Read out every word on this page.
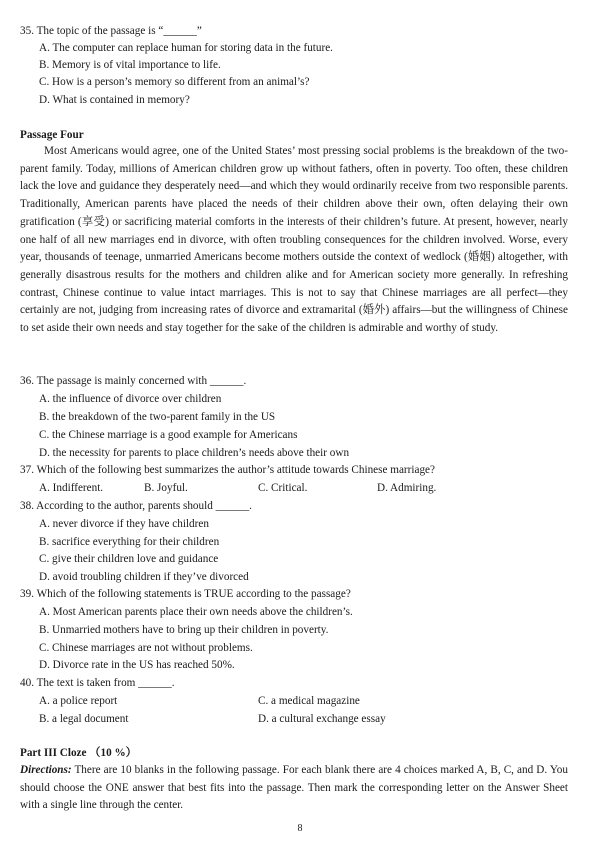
35. The topic of the passage is “______”
A. The computer can replace human for storing data in the future.
B. Memory is of vital importance to life.
C. How is a person’s memory so different from an animal’s?
D. What is contained in memory?
Passage Four
Most Americans would agree, one of the United States’ most pressing social problems is the breakdown of the two-parent family. Today, millions of American children grow up without fathers, often in poverty. Too often, these children lack the love and guidance they desperately need—and which they would ordinarily receive from two responsible parents. Traditionally, American parents have placed the needs of their children above their own, often delaying their own gratification (享受) or sacrificing material comforts in the interests of their children’s future. At present, however, nearly one half of all new marriages end in divorce, with often troubling consequences for the children involved. Worse, every year, thousands of teenage, unmarried Americans become mothers outside the context of wedlock (婚姻) altogether, with generally disastrous results for the mothers and children alike and for American society more generally. In refreshing contrast, Chinese continue to value intact marriages. This is not to say that Chinese marriages are all perfect—they certainly are not, judging from increasing rates of divorce and extramarital (婚外) affairs—but the willingness of Chinese to set aside their own needs and stay together for the sake of the children is admirable and worthy of study.
36. The passage is mainly concerned with ______.
A. the influence of divorce over children
B. the breakdown of the two-parent family in the US
C. the Chinese marriage is a good example for Americans
D. the necessity for parents to place children’s needs above their own
37. Which of the following best summarizes the author’s attitude towards Chinese marriage?
A. Indifferent.	B. Joyful.	C. Critical.	D. Admiring.
38. According to the author, parents should ______.
A. never divorce if they have children
B. sacrifice everything for their children
C. give their children love and guidance
D. avoid troubling children if they’ve divorced
39. Which of the following statements is TRUE according to the passage?
A. Most American parents place their own needs above the children’s.
B. Unmarried mothers have to bring up their children in poverty.
C. Chinese marriages are not without problems.
D. Divorce rate in the US has reached 50%.
40. The text is taken from ______.
A. a police report	C. a medical magazine
B. a legal document	D. a cultural exchange essay
Part III Cloze （10 %）
Directions: There are 10 blanks in the following passage. For each blank there are 4 choices marked A, B, C, and D. You should choose the ONE answer that best fits into the passage. Then mark the corresponding letter on the Answer Sheet with a single line through the center.
8
